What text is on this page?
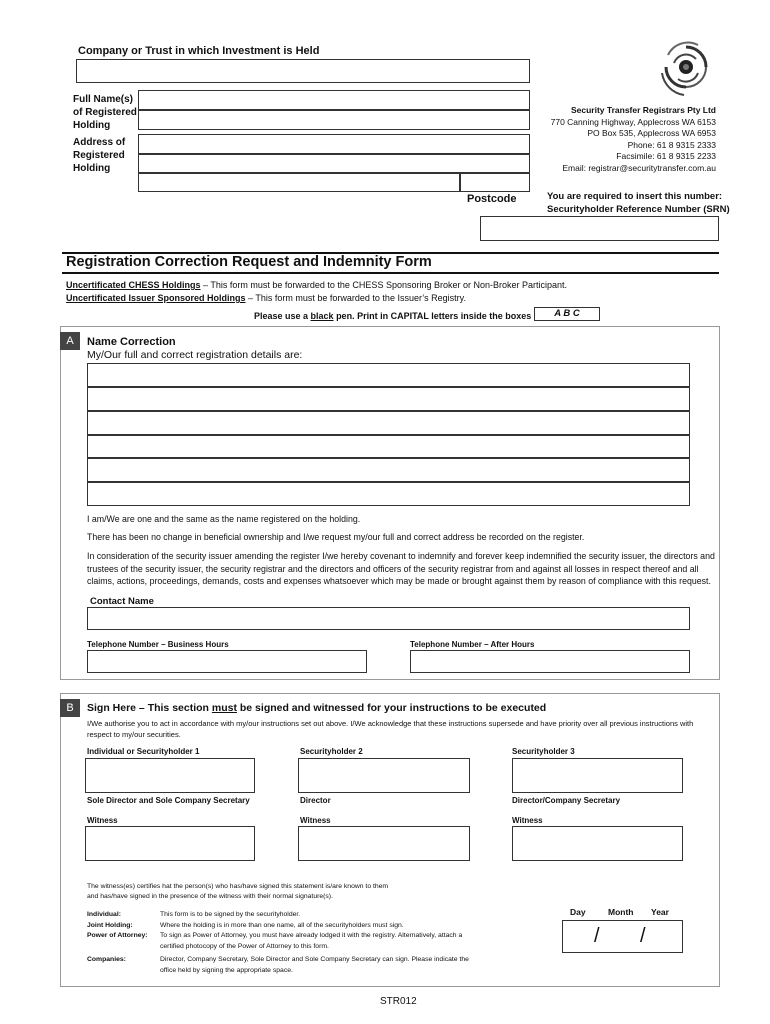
Company or Trust in which Investment is Held
Full Name(s)
of Registered
Holding
Address of
Registered
Holding
Postcode
Security Transfer Registrars Pty Ltd
770 Canning Highway, Applecross WA 6153
PO Box 535, Applecross WA 6953
Phone: 61 8 9315 2333
Facsimile: 61 8 9315 2233
Email: registrar@securitytransfer.com.au
You are required to insert this number:
Securityholder Reference Number (SRN)
Registration Correction Request and Indemnity Form
Uncertificated CHESS Holdings – This form must be forwarded to the CHESS Sponsoring Broker or Non-Broker Participant.
Uncertificated Issuer Sponsored Holdings – This form must be forwarded to the Issuer’s Registry.
Please use a black pen. Print in CAPITAL letters inside the boxes	A B C
A	Name Correction
My/Our full and correct registration details are:
I am/We are one and the same as the name registered on the holding.
There has been no change in beneficial ownership and I/we request my/our full and correct address be recorded on the register.
In consideration of the security issuer amending the register I/we hereby covenant to indemnify and forever keep indemnified the security issuer, the directors and trustees of the security issuer, the security registrar and the directors and officers of the security registrar from and against all losses in respect thereof and all claims, actions, proceedings, demands, costs and expenses whatsoever which may be made or brought against them by reason of compliance with this request.
Contact Name
Telephone Number – Business Hours	Telephone Number – After Hours
B	Sign Here – This section must be signed and witnessed for your instructions to be executed
I/We authorise you to act in accordance with my/our instructions set out above. I/We acknowledge that these instructions supersede and have priority over all previous instructions with respect to my/our securities.
Individual or Securityholder 1	Securityholder 2	Securityholder 3
Sole Director and Sole Company Secretary	Director	Director/Company Secretary
Witness	Witness	Witness
The witness(es) certifies hat the person(s) who has/have signed this statement is/are known to them
and has/have signed in the presence of the witness with their normal signature(s).
Individual:	This form is to be signed by the securityholder.
Joint Holding:	Where the holding is in more than one name, all of the securityholders must sign.
Power of Attorney:	To sign as Power of Attorney, you must have already lodged it with the registry. Alternatively, attach a
certified photocopy of the Power of Attorney to this form.
Companies:	Director, Company Secretary, Sole Director and Sole Company Secretary can sign. Please indicate the
office held by signing the appropriate space.
Day	Month Year
/ /
STR012
